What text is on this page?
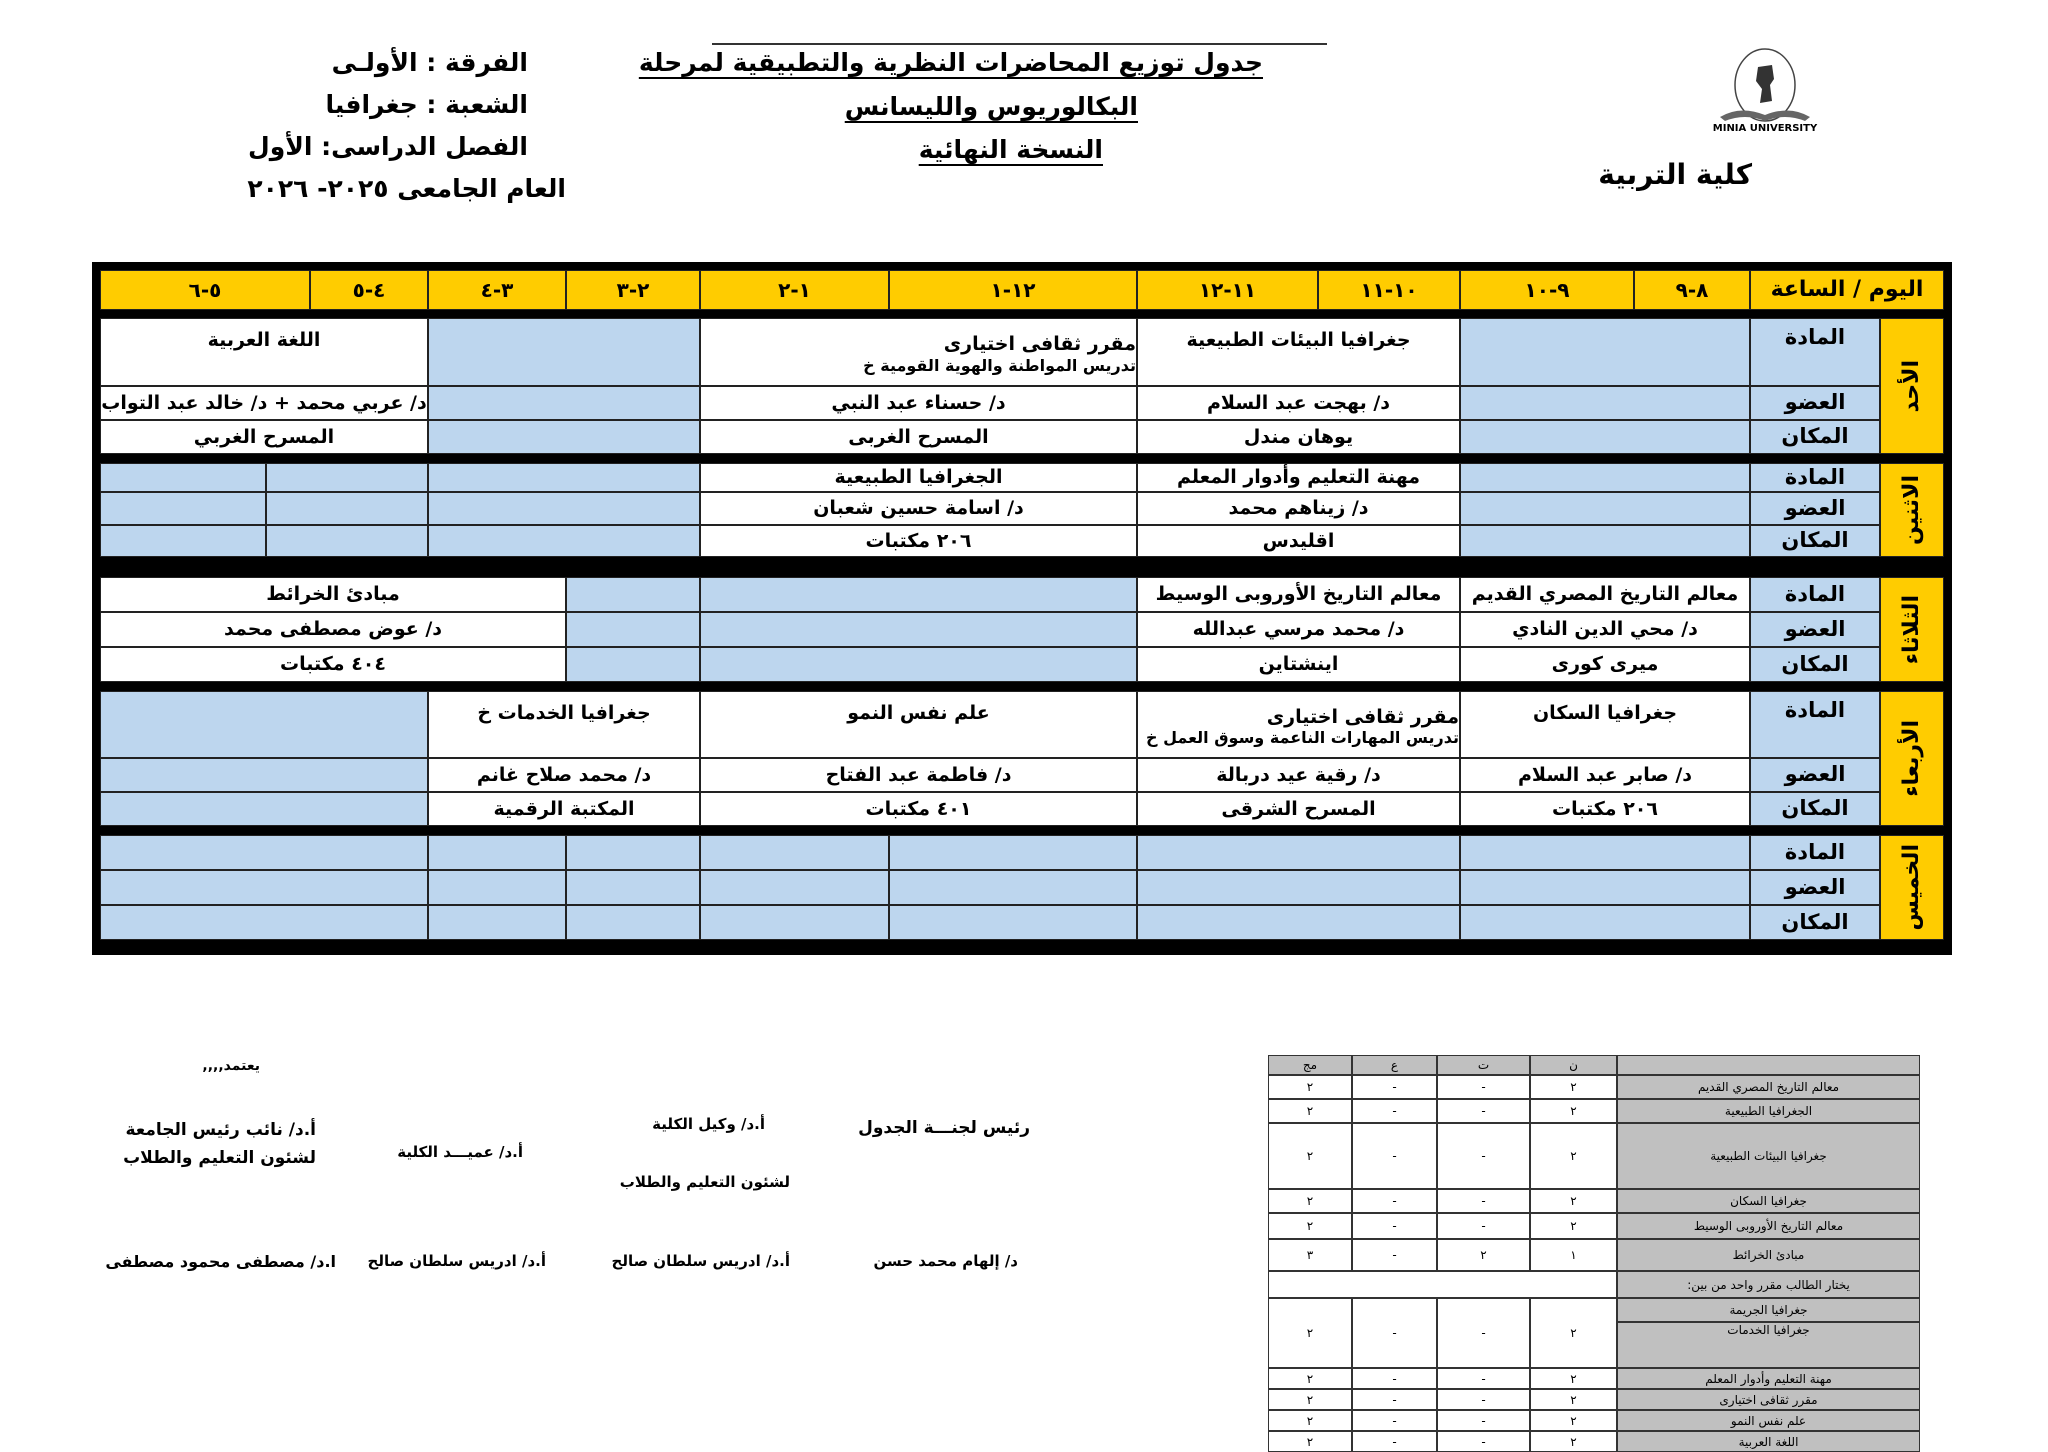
MINIA UNIVERSITY
كلية التربية
جدول توزيع المحاضرات النظرية والتطبيقية لمرحلة
البكالوريوس والليسانس
النسخة النهائية
الفرقة : الأولـى
الشعبة : جغرافيا
الفصل الدراسى: الأول
العام الجامعى ٢٠٢٥- ٢٠٢٦
٨-٩
٩-١٠
١٠-١١
١١-١٢
١٢-١
١-٢
٢-٣
٣-٤
٤-٥
٥-٦	اليوم / الساعة
الأحد
المادة
العضو
المكان
جغرافيا البيئات الطبيعية
د/ بهجت عبد السلام
يوهان مندل
مقرر ثقافى اختيارى
تدريس المواطنة والهوية القومية خ
د/ حسناء عبد النبي
المسرح الغربى
اللغة العربية
د/ عربي محمد + د/ خالد عبد التواب
المسرح الغربي
الاثنين
المادة
العضو
المكان
مهنة التعليم وأدوار المعلم
د/ زيناهم محمد
اقليدس
الجغرافيا الطبيعية
د/ اسامة حسين شعبان
٢٠٦ مكتبات
الثلاثاء
المادة
العضو
المكان
معالم التاريخ المصري القديم
د/ محي الدين النادي
ميرى كورى
معالم التاريخ الأوروبى الوسيط
د/ محمد مرسي عبدالله
اينشتاين
مبادئ الخرائط
د/ عوض مصطفى محمد
٤٠٤ مكتبات
الأربعاء
المادة
العضو
المكان
جغرافيا السكان
د/ صابر عبد السلام
٢٠٦ مكتبات
مقرر ثقافى اختيارى
تدريس المهارات الناعمة وسوق العمل خ
د/ رقية عيد دربالة
المسرح الشرقى
علم نفس النمو
د/ فاطمة عبد الفتاح
٤٠١ مكتبات
جغرافيا الخدمات خ
د/ محمد صلاح غانم
المكتبة الرقمية
الخميس
المادة
العضو
المكان
يعتمد,,,,
رئيس لجنـــة الجدول
د/ إلهام محمد حسن
أ.د/ وكيل الكلية
لشئون التعليم والطلاب
أ.د/ ادريس سلطان صالح
أ.د/ عميـــد الكلية
أ.د/ ادريس سلطان صالح
أ.د/ نائب رئيس الجامعة
لشئون التعليم والطلاب
ا.د/ مصطفى محمود مصطفى
ن
ت
ع
مج
معالم التاريخ المصري القديم
٢
-
-
٢
الجغرافيا الطبيعية
٢
-
-
٢
جغرافيا البيئات الطبيعية
٢
-
-
٢
جغرافيا السكان
٢
-
-
٢
معالم التاريخ الأوروبى الوسيط
٢
-
-
٢
مبادئ الخرائط
١
٢
-
٣
يختار الطالب مقرر واحد من بين:
جغرافيا الجريمة
جغرافيا الخدمات
٢
-
-
٢
مهنة التعليم وأدوار المعلم
٢
-
-
٢
مقرر ثقافى اختيارى
٢
-
-
٢
علم نفس النمو
٢
-
-
٢
اللغة العربية
٢
-
-
٢
